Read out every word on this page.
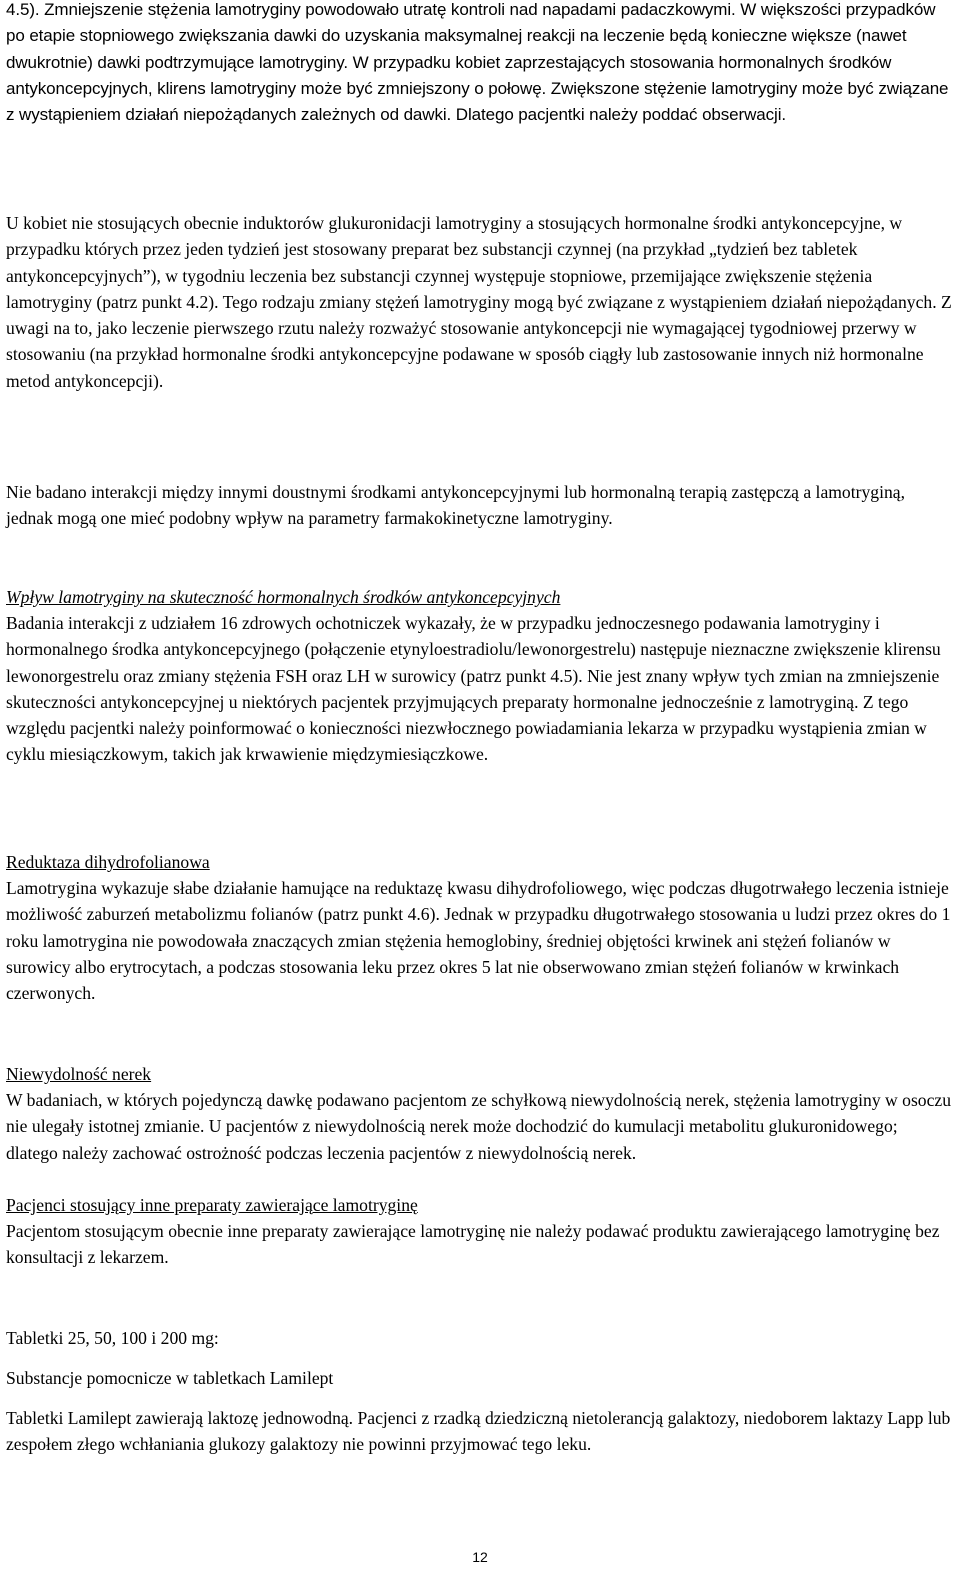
4.5). Zmniejszenie stężenia lamotryginy powodowało utratę kontroli nad napadami padaczkowymi. W większości przypadków po etapie stopniowego zwiększania dawki do uzyskania maksymalnej reakcji na leczenie będą konieczne większe (nawet dwukrotnie) dawki podtrzymujące lamotryginy. W przypadku kobiet zaprzestających stosowania hormonalnych środków antykoncepcyjnych, klirens lamotryginy może być zmniejszony o połowę. Zwiększone stężenie lamotryginy może być związane z wystąpieniem działań niepożądanych zależnych od dawki. Dlatego pacjentki należy poddać obserwacji.

U kobiet nie stosujących obecnie induktorów glukuronidacji lamotryginy a stosujących hormonalne środki antykoncepcyjne, w przypadku których przez jeden tydzień jest stosowany preparat bez substancji czynnej (na przykład „tydzień bez tabletek antykoncepcyjnych”), w tygodniu leczenia bez substancji czynnej występuje stopniowe, przemijające zwiększenie stężenia lamotryginy (patrz punkt 4.2). Tego rodzaju zmiany stężeń lamotryginy mogą być związane z wystąpieniem działań niepożądanych. Z uwagi na to, jako leczenie pierwszego rzutu należy rozważyć stosowanie antykoncepcji nie wymagającej tygodniowej przerwy w stosowaniu (na przykład hormonalne środki antykoncepcyjne podawane w sposób ciągły lub zastosowanie innych niż hormonalne metod antykoncepcji).

Nie badano interakcji między innymi doustnymi środkami antykoncepcyjnymi lub hormonalną terapią zastępczą a lamotryginą, jednak mogą one mieć podobny wpływ na parametry farmakokinetyczne lamotryginy.

Wpływ lamotryginy na skuteczność hormonalnych środków antykoncepcyjnych

Badania interakcji z udziałem 16 zdrowych ochotniczek wykazały, że w przypadku jednoczesnego podawania lamotryginy i hormonalnego środka antykoncepcyjnego (połączenie etynyloestradiolu/lewonorgestrelu) następuje nieznaczne zwiększenie klirensu lewonorgestrelu oraz zmiany stężenia FSH oraz LH w surowicy (patrz punkt 4.5). Nie jest znany wpływ tych zmian na zmniejszenie skuteczności antykoncepcyjnej u niektórych pacjentek przyjmujących preparaty hormonalne jednocześnie z lamotryginą. Z tego względu pacjentki należy poinformować o konieczności niezwłocznego powiadamiania lekarza w przypadku wystąpienia zmian w cyklu miesiączkowym, takich jak krwawienie międzymiesiączkowe.

Reduktaza dihydrofolianowa

Lamotrygina wykazuje słabe działanie hamujące na reduktazę kwasu dihydrofoliowego, więc podczas długotrwałego leczenia istnieje możliwość zaburzeń metabolizmu folianów (patrz punkt 4.6). Jednak w przypadku długotrwałego stosowania u ludzi przez okres do 1 roku lamotrygina nie powodowała znaczących zmian stężenia hemoglobiny, średniej objętości krwinek ani stężeń folianów w surowicy albo erytrocytach, a podczas stosowania leku przez okres 5 lat nie obserwowano zmian stężeń folianów w krwinkach czerwonych.

Niewydolność nerek

W badaniach, w których pojedynczą dawkę podawano pacjentom ze schyłkową niewydolnością nerek, stężenia lamotryginy w osoczu nie ulegały istotnej zmianie. U pacjentów z niewydolnością nerek może dochodzić do kumulacji metabolitu glukuronidowego; dlatego należy zachować ostrożność podczas leczenia pacjentów z niewydolnością nerek.

Pacjenci stosujący inne preparaty zawierające lamotryginę

Pacjentom stosującym obecnie inne preparaty zawierające lamotryginę nie należy podawać produktu zawierającego lamotryginę bez konsultacji z lekarzem.

Tabletki 25, 50, 100 i 200 mg:

Substancje pomocnicze w tabletkach Lamilept

Tabletki Lamilept zawierają laktozę jednowodną. Pacjenci z rzadką dziedziczną nietolerancją galaktozy, niedoborem laktazy Lapp lub zespołem złego wchłaniania glukozy galaktozy nie powinni przyjmować tego leku.

12
